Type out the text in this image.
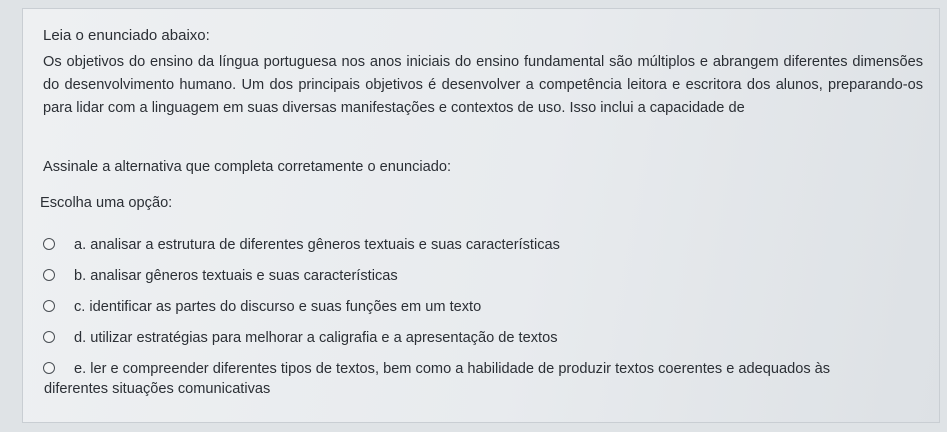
Leia o enunciado abaixo:
Os objetivos do ensino da língua portuguesa nos anos iniciais do ensino fundamental são múltiplos e abrangem diferentes dimensões do desenvolvimento humano. Um dos principais objetivos é desenvolver a competência leitora e escritora dos alunos, preparando-os para lidar com a linguagem em suas diversas manifestações e contextos de uso. Isso inclui a capacidade de
Assinale a alternativa que completa corretamente o enunciado:
Escolha uma opção:
a. analisar a estrutura de diferentes gêneros textuais e suas características
b. analisar gêneros textuais e suas características
c. identificar as partes do discurso e suas funções em um texto
d. utilizar estratégias para melhorar a caligrafia e a apresentação de textos
e. ler e compreender diferentes tipos de textos, bem como a habilidade de produzir textos coerentes e adequados às
diferentes situações comunicativas
